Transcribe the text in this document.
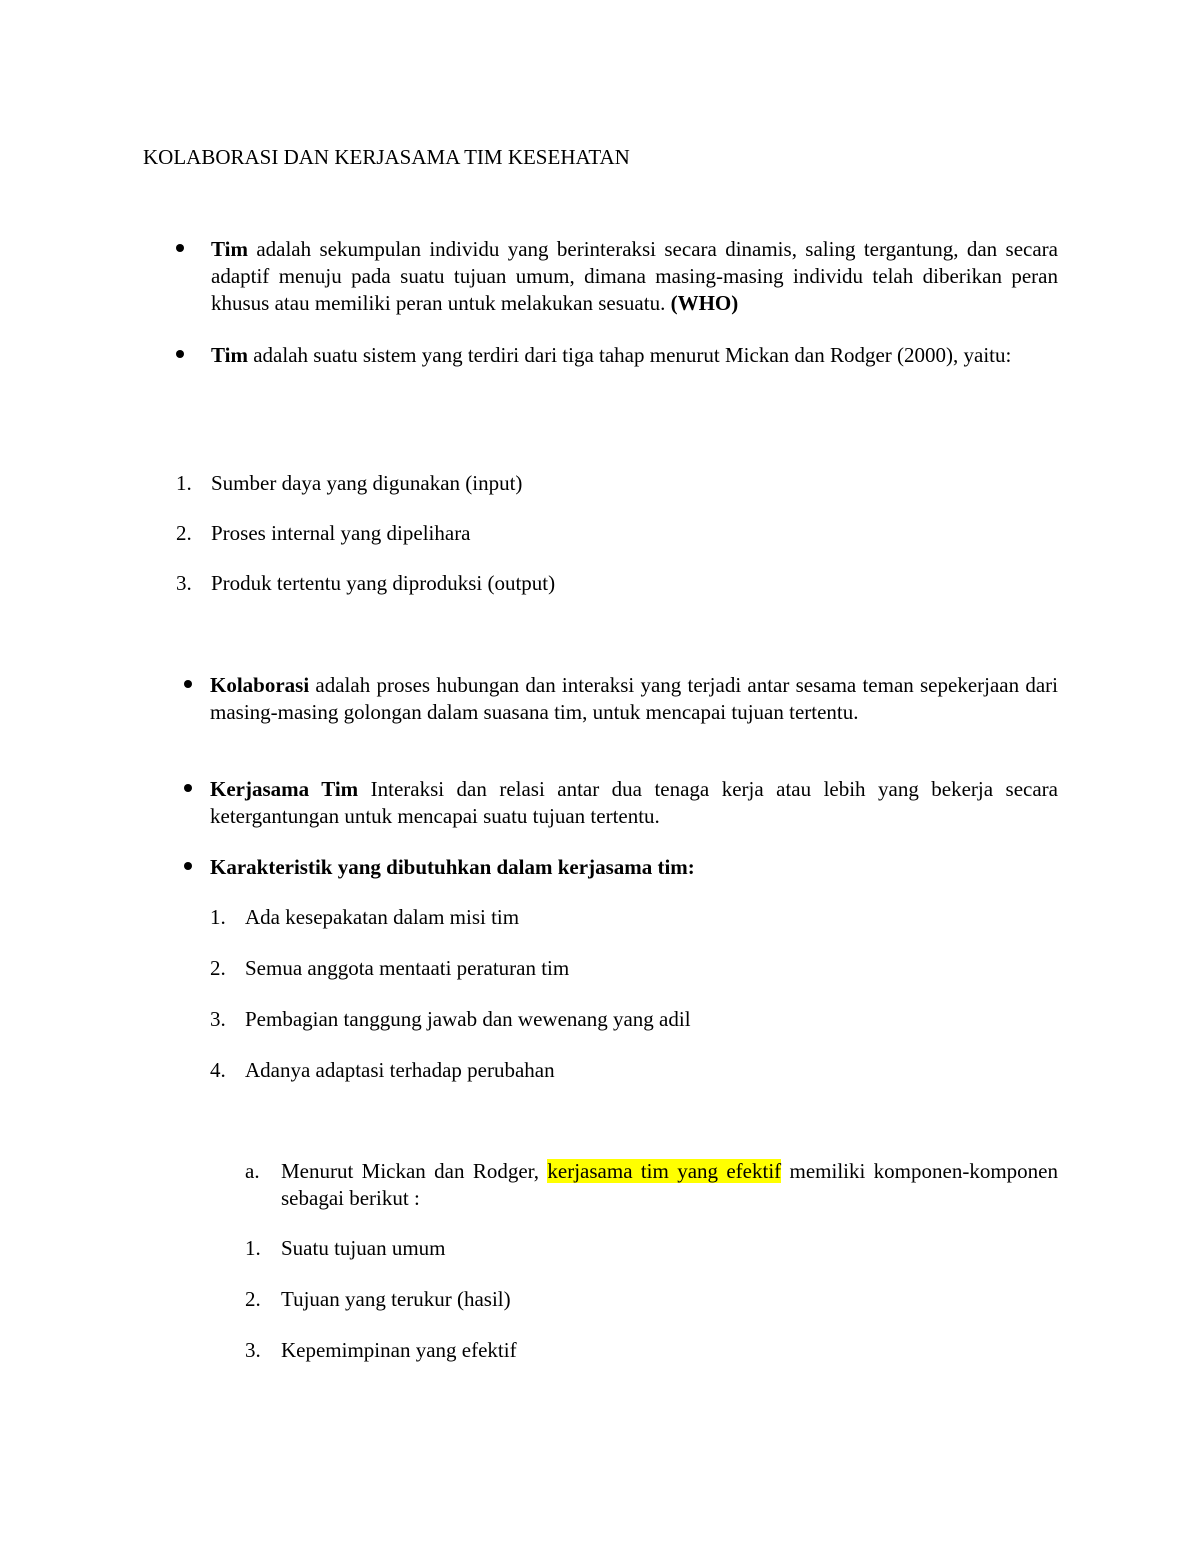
KOLABORASI DAN KERJASAMA TIM KESEHATAN
Tim adalah sekumpulan individu yang berinteraksi secara dinamis, saling tergantung, dan secara adaptif menuju pada suatu tujuan umum, dimana masing-masing individu telah diberikan peran khusus atau memiliki peran untuk melakukan sesuatu. (WHO)
Tim adalah suatu sistem yang terdiri dari tiga tahap menurut Mickan dan Rodger (2000), yaitu:
1. Sumber daya yang digunakan (input)
2. Proses internal yang dipelihara
3. Produk tertentu yang diproduksi (output)
Kolaborasi adalah proses hubungan dan interaksi yang terjadi antar sesama teman sepekerjaan dari masing-masing golongan dalam suasana tim, untuk mencapai tujuan tertentu.
Kerjasama Tim Interaksi dan relasi antar dua tenaga kerja atau lebih yang bekerja secara ketergantungan untuk mencapai suatu tujuan tertentu.
Karakteristik yang dibutuhkan dalam kerjasama tim:
1. Ada kesepakatan dalam misi tim
2. Semua anggota mentaati peraturan tim
3. Pembagian tanggung jawab dan wewenang yang adil
4. Adanya adaptasi terhadap perubahan
a. Menurut Mickan dan Rodger, kerjasama tim yang efektif memiliki komponen-komponen sebagai berikut :
1. Suatu tujuan umum
2. Tujuan yang terukur (hasil)
3. Kepemimpinan yang efektif
